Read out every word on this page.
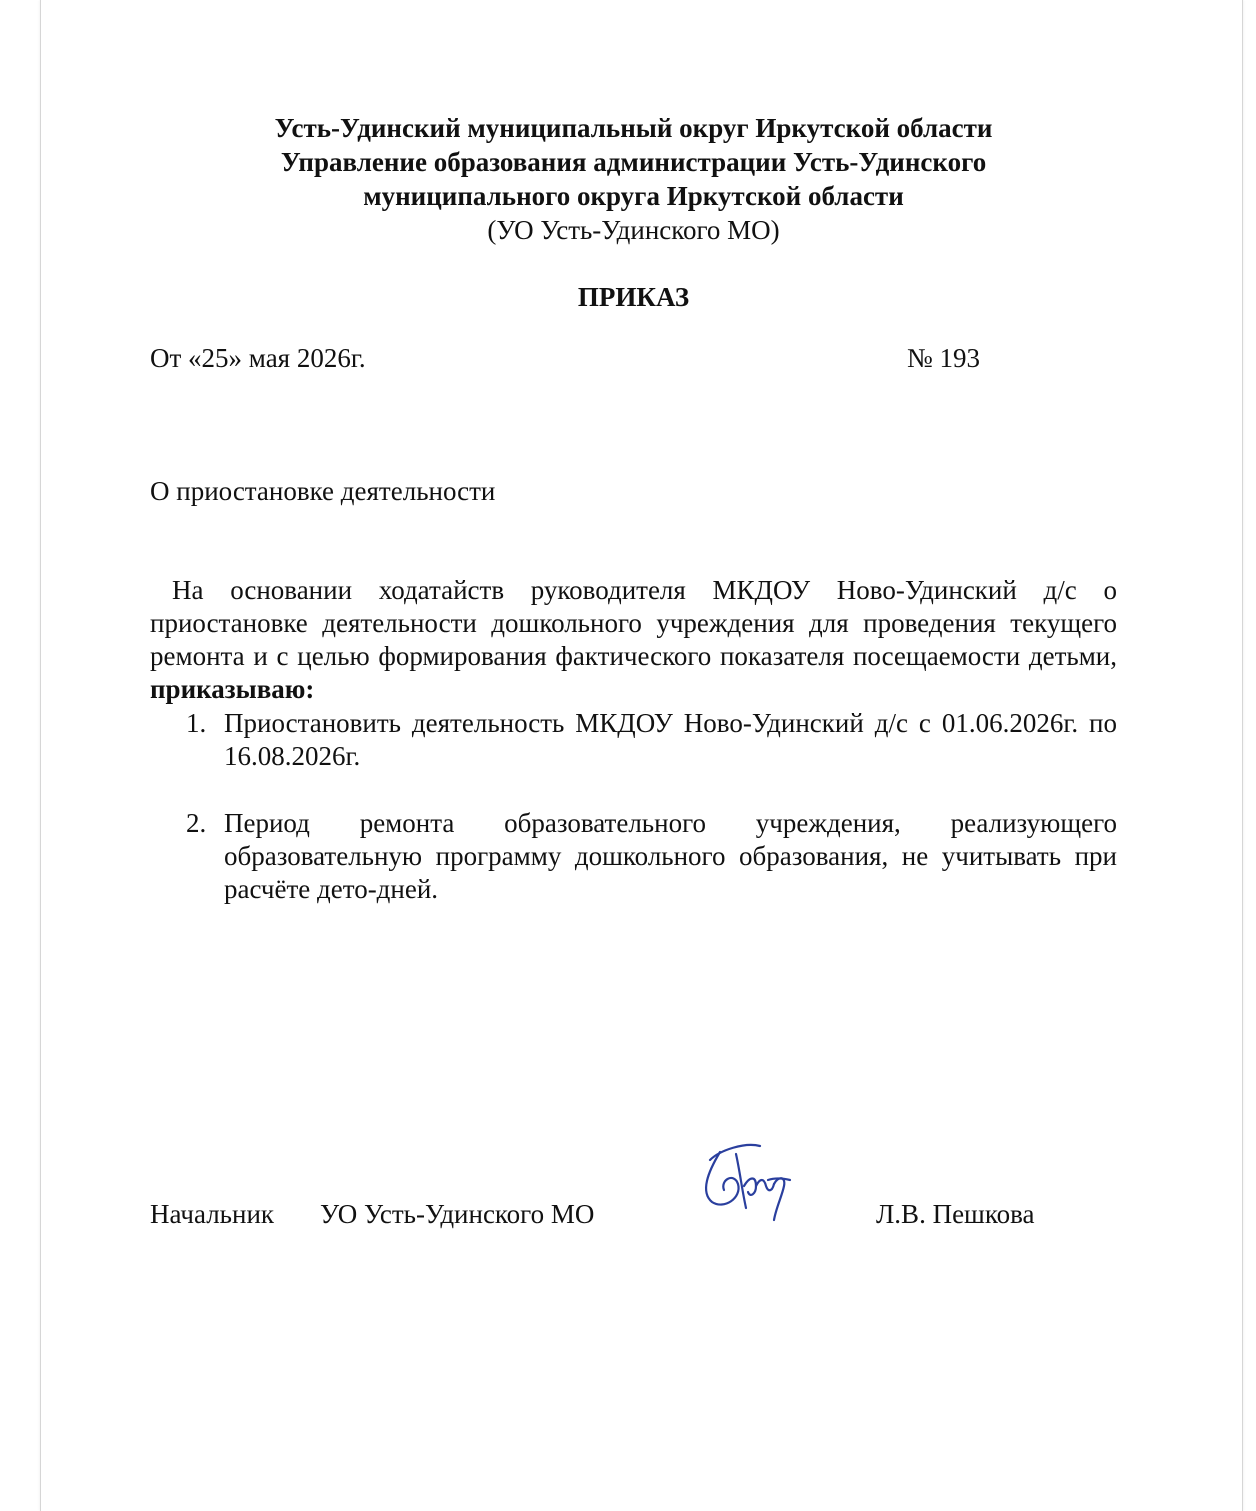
Усть-Удинский муниципальный округ Иркутской области
Управление образования администрации Усть-Удинского
муниципального округа Иркутской области
(УО Усть-Удинского МО)
ПРИКАЗ
От «25» мая 2026г.	№ 193
О приостановке деятельности

На основании ходатайств руководителя МКДОУ Ново-Удинский д/с о приостановке деятельности дошкольного учреждения для проведения текущего ремонта и с целью формирования фактического показателя посещаемости детьми, приказываю:

1. Приостановить деятельность МКДОУ Ново-Удинский д/с с 01.06.2026г. по 16.08.2026г.
2. Период ремонта образовательного учреждения, реализующего образовательную программу дошкольного образования, не учитывать при расчёте дето-дней.
Начальник УО Усть-Удинского МО	Л.В. Пешкова
